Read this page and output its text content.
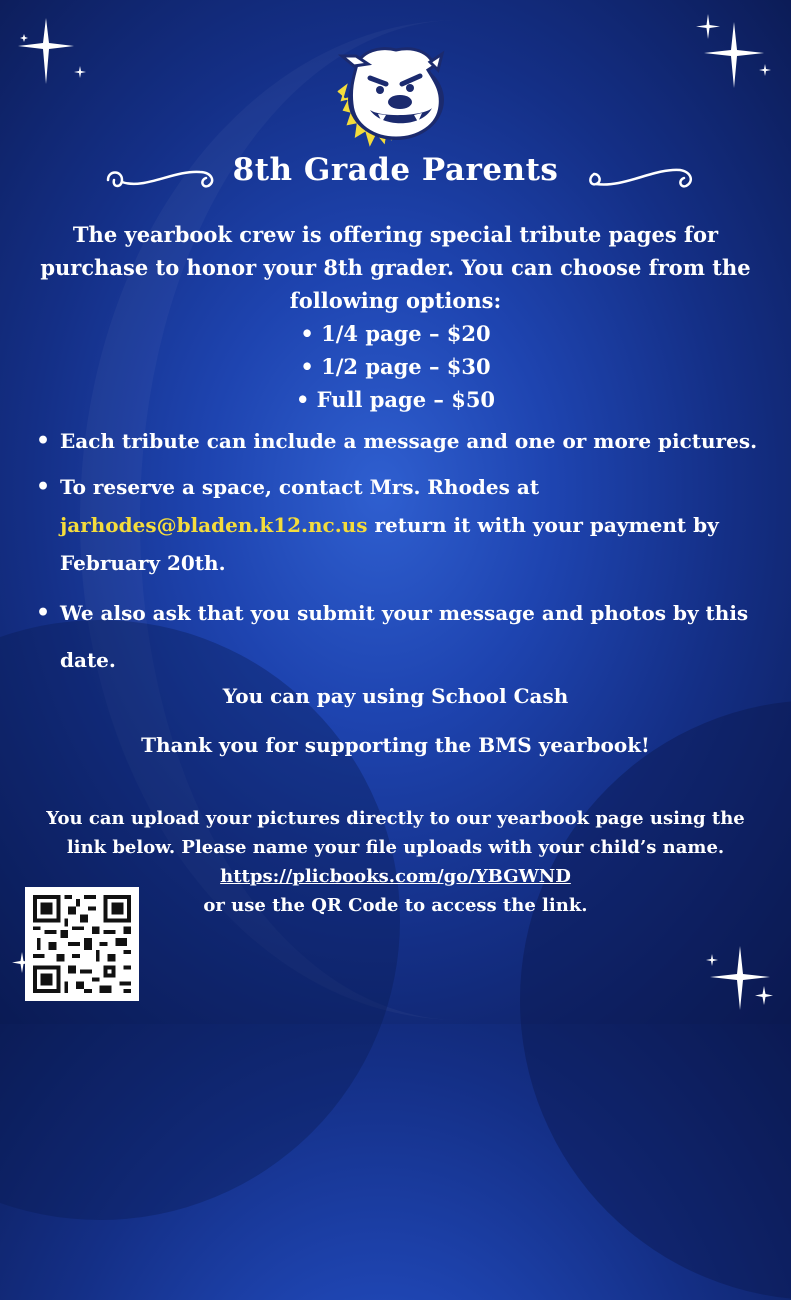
8th Grade Parents

The yearbook crew is offering special tribute pages for

purchase to honor your 8th grader. You can choose from the

following options:

• 1/4 page – $20

• 1/2 page – $30

• Full page – $50

• Each tribute can include a message and one or more pictures.
• To reserve a space, contact Mrs. Rhodes at jarhodes@bladen.k12.nc.us return it with your payment by February 20th.
• We also ask that you submit your message and photos by this date.
You can pay using School Cash
Thank you for supporting the BMS yearbook!

You can upload your pictures directly to our yearbook page using the

link below. Please name your file uploads with your child’s name.

https://plicbooks.com/go/YBGWND

or use the QR Code to access the link.
